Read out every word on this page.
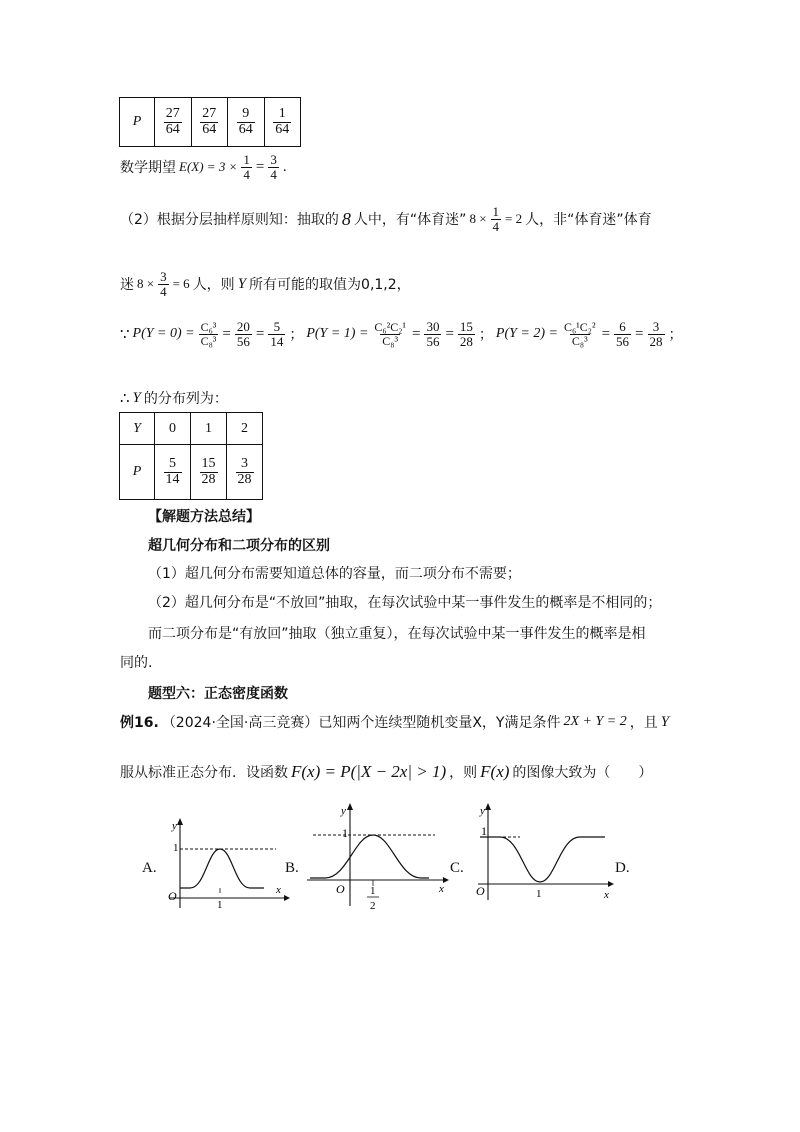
P	$\frac{27}{64}$	$\frac{27}{64}$	$\frac{9}{64}$	$\frac{1}{64}$
数学期望 $E(X) = 3 \times \frac{1}{4} = \frac{3}{4}$ .
（2）根据分层抽样原则知：抽取的 8 人中，有“体育迷” $8 \times \frac{1}{4} = 2$ 人，非“体育迷”体育
迷 $8 \times \frac{3}{4} = 6$ 人，则 Y 所有可能的取值为0,1,2，
∵ $P(Y = 0) = \frac{\text{C₆³}}{\text{C₈³}} = \frac{20}{56} = \frac{5}{14}$ ； $P(Y = 1) = \frac{\text{C₆²C₂¹}}{\text{C₈³}} = \frac{30}{56} = \frac{15}{28}$ ； $P(Y = 2) = \frac{\text{C₆¹C₂²}}{\text{C₈³}} = \frac{6}{56} = \frac{3}{28}$ ；
∴ Y 的分布列为：
Y	0	1	2
P	$\frac{5}{14}$	$\frac{15}{28}$	$\frac{3}{28}$
【解题方法总结】
超几何分布和二项分布的区别
（1）超几何分布需要知道总体的容量，而二项分布不需要；
（2）超几何分布是“不放回”抽取，在每次试验中某一事件发生的概率是不相同的；
而二项分布是“有放回”抽取（独立重复），在每次试验中某一事件发生的概率是相
同的.
题型六：正态密度函数
例16. （2024·全国·高三竞赛）已知两个连续型随机变量X，Y满足条件 2X + Y = 2 ，且 Y
服从标准正态分布．设函数 F(x) = P(|X − 2x| > 1) ，则 F(x) 的图像大致为（　　）
A.	B.	C.	D.
y
1
O
1
x
y
1
O 1
2
x
y
1
O	1	x
